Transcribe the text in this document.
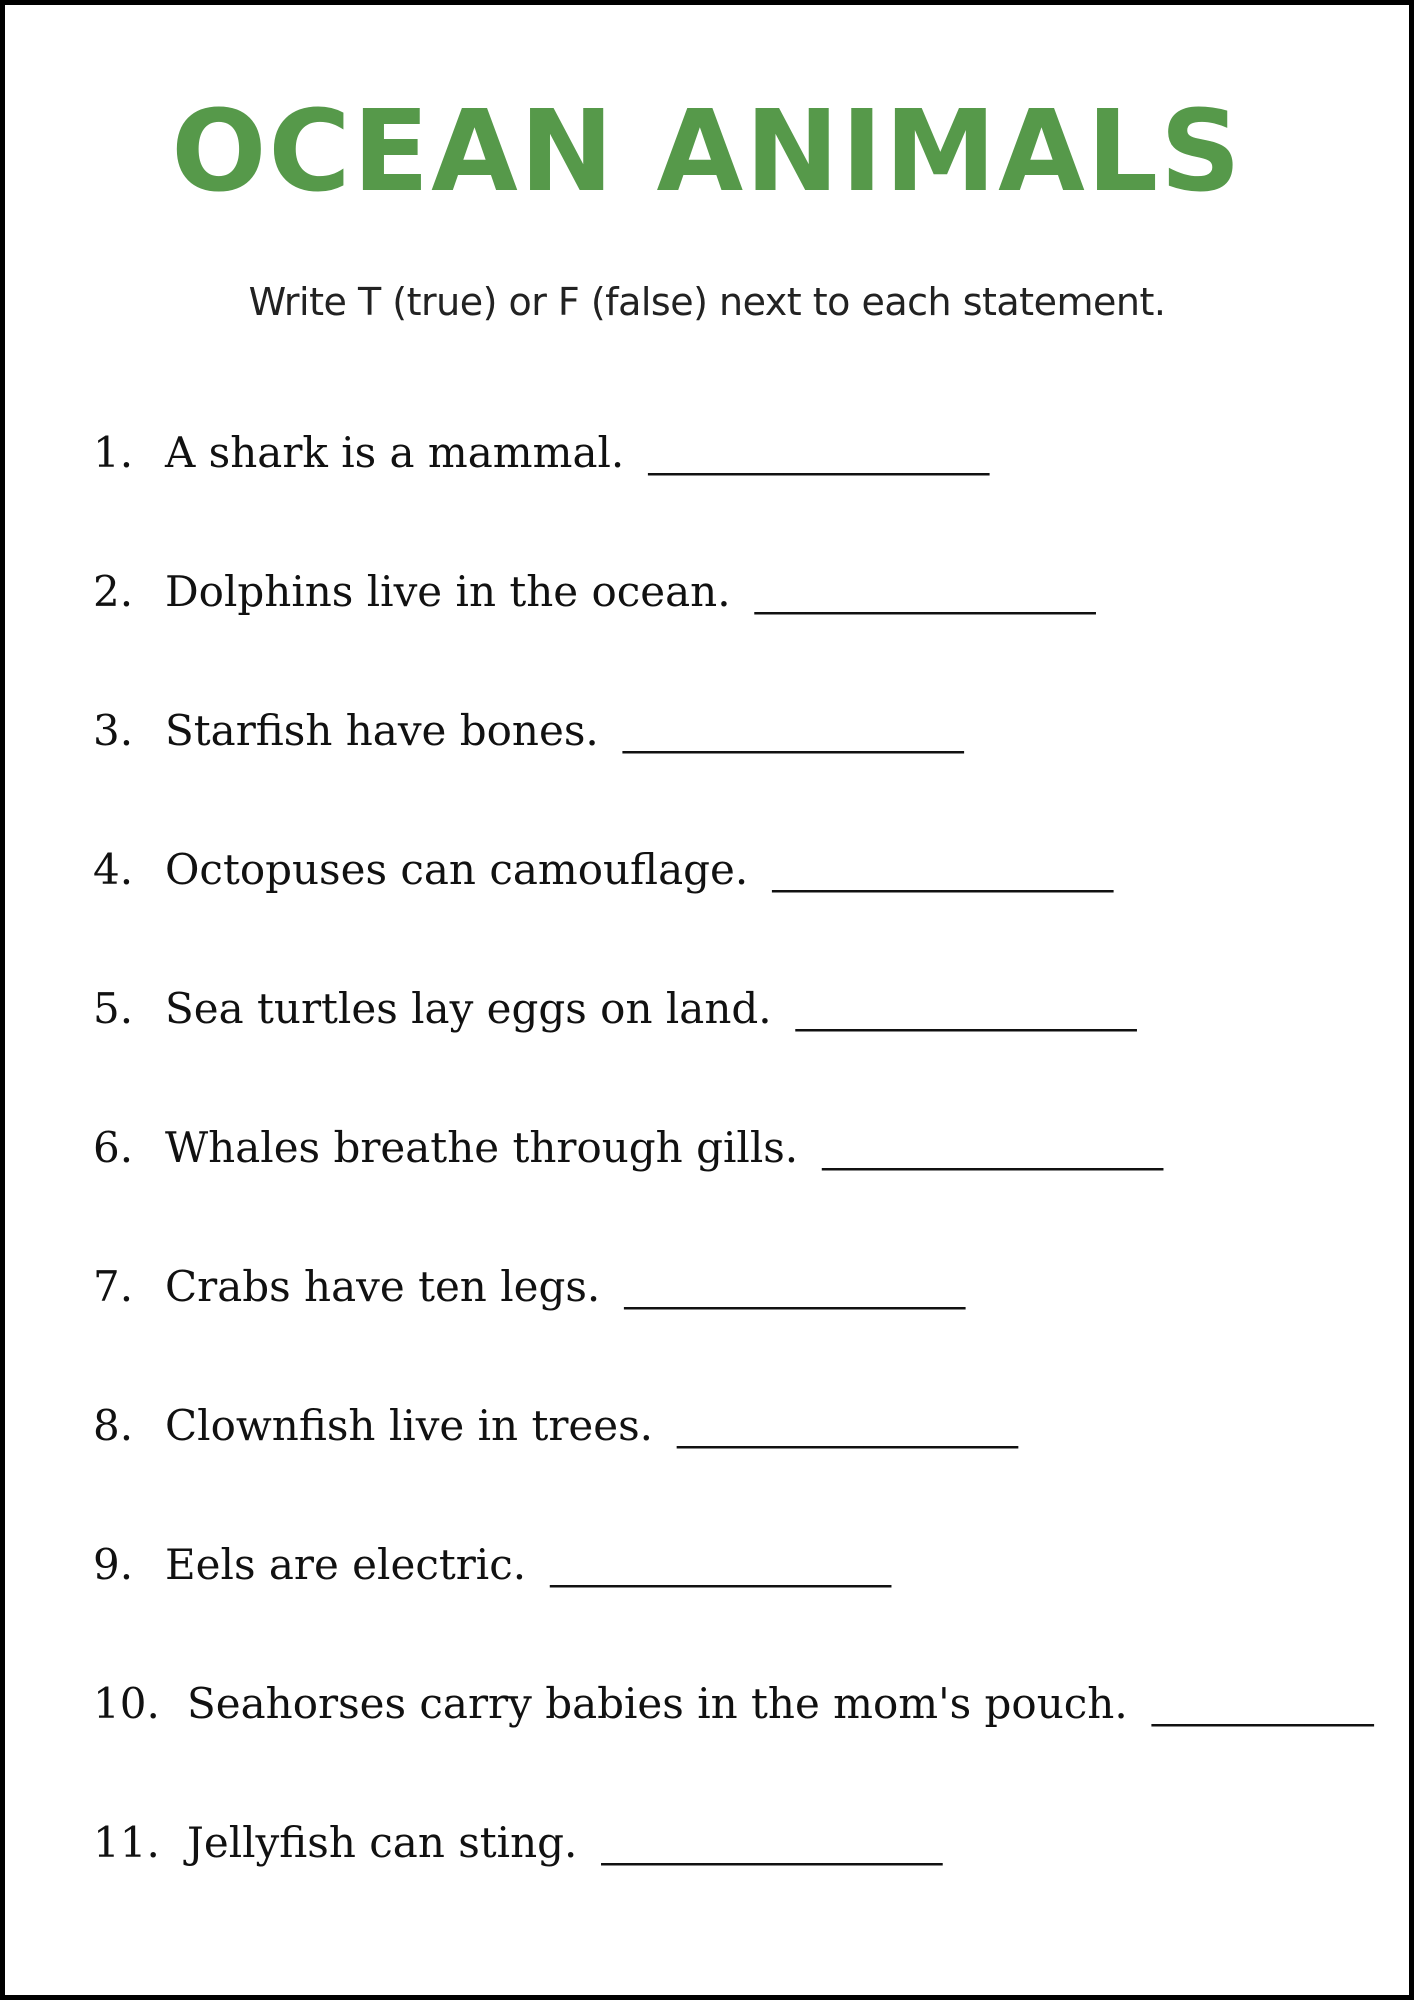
OCEAN ANIMALS

Write T (true) or F (false) next to each statement.

1. A shark is a mammal. ____________________
2. Dolphins live in the ocean. ____________________
3. Starfish have bones. ____________________
4. Octopuses can camouflage. ____________________
5. Sea turtles lay eggs on land. ____________________
6. Whales breathe through gills. ____________________
7. Crabs have ten legs. ____________________
8. Clownfish live in trees. ____________________
9. Eels are electric. ____________________
10. Seahorses carry babies in the mom's pouch. _____________
11. Jellyfish can sting. ____________________
